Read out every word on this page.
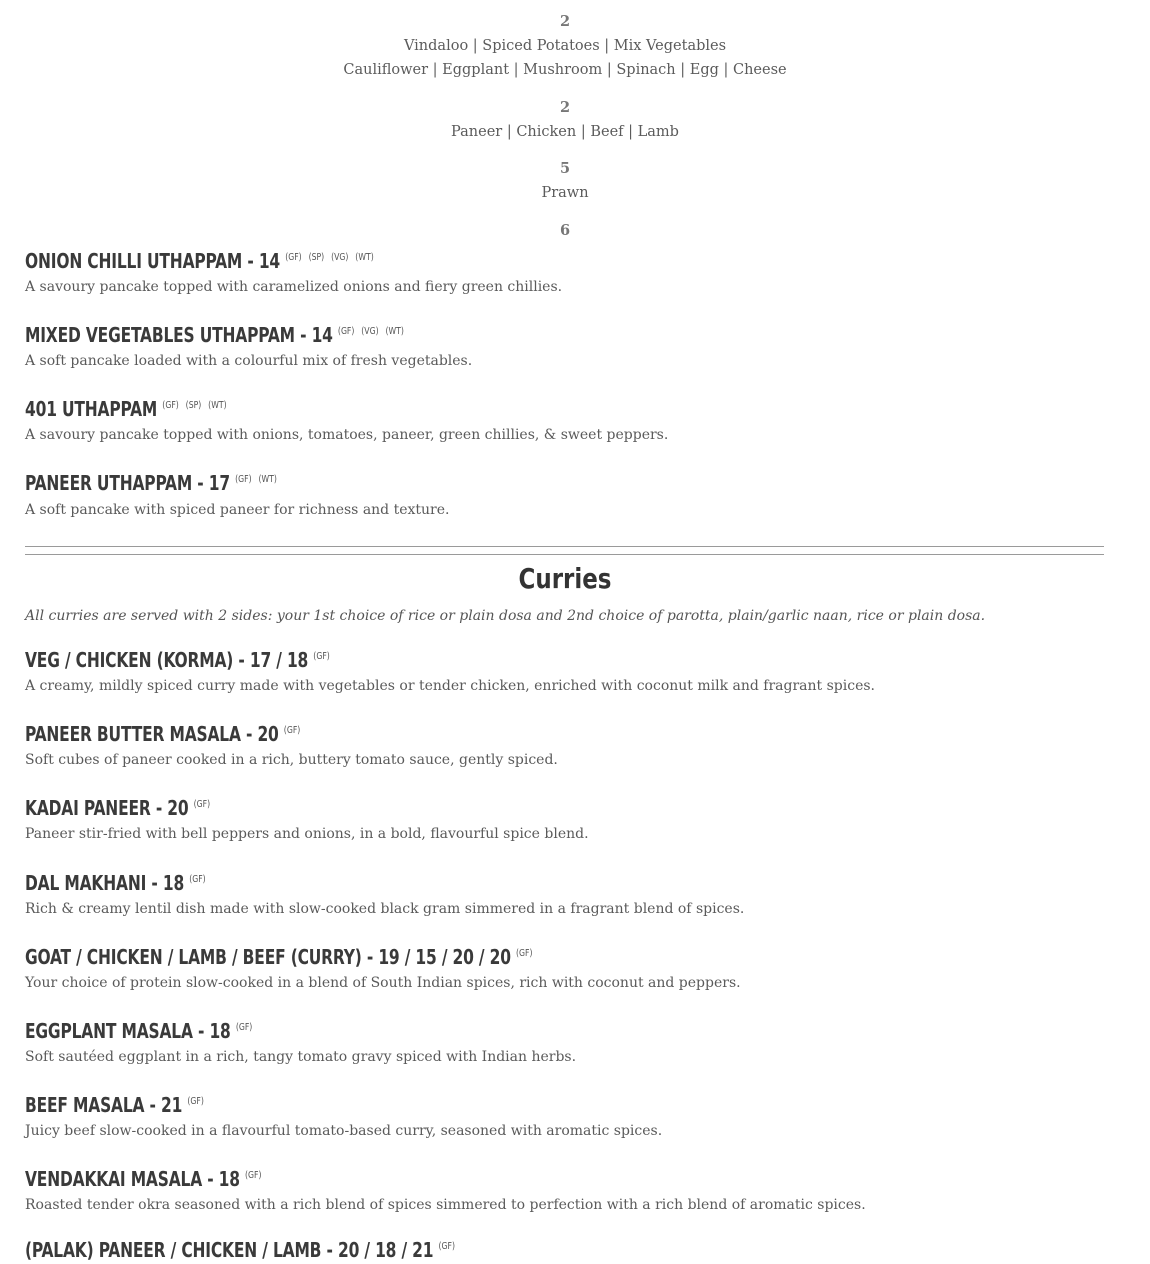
2
Vindaloo | Spiced Potatoes | Mix Vegetables
Cauliflower | Eggplant | Mushroom | Spinach | Egg | Cheese
2
Paneer | Chicken | Beef | Lamb
5
Prawn
6
ONION CHILLI UTHAPPAM - 14 $^{(GF) (SP) (VG) (WT)}$
A savoury pancake topped with caramelized onions and fiery green chillies.
MIXED VEGETABLES UTHAPPAM - 14 $^{(GF) (VG) (WT)}$
A soft pancake loaded with a colourful mix of fresh vegetables.
401 UTHAPPAM $^{(GF) (SP) (WT)}$
A savoury pancake topped with onions, tomatoes, paneer, green chillies, & sweet peppers.
PANEER UTHAPPAM - 17 $^{(GF) (WT)}$
A soft pancake with spiced paneer for richness and texture.
Curries
All curries are served with 2 sides: your 1st choice of rice or plain dosa and 2nd choice of parotta, plain/garlic naan, rice or plain dosa.
VEG / CHICKEN (KORMA) - 17 / 18 $^{(GF)}$
A creamy, mildly spiced curry made with vegetables or tender chicken, enriched with coconut milk and fragrant spices.
PANEER BUTTER MASALA - 20 $^{(GF)}$
Soft cubes of paneer cooked in a rich, buttery tomato sauce, gently spiced.
KADAI PANEER - 20 $^{(GF)}$
Paneer stir-fried with bell peppers and onions, in a bold, flavourful spice blend.
DAL MAKHANI - 18 $^{(GF)}$
Rich & creamy lentil dish made with slow-cooked black gram simmered in a fragrant blend of spices.
GOAT / CHICKEN / LAMB / BEEF (CURRY) - 19 / 15 / 20 / 20 $^{(GF)}$
Your choice of protein slow-cooked in a blend of South Indian spices, rich with coconut and peppers.
EGGPLANT MASALA - 18 $^{(GF)}$
Soft sautéed eggplant in a rich, tangy tomato gravy spiced with Indian herbs.
BEEF MASALA - 21 $^{(GF)}$
Juicy beef slow-cooked in a flavourful tomato-based curry, seasoned with aromatic spices.
VENDAKKAI MASALA - 18 $^{(GF)}$
Roasted tender okra seasoned with a rich blend of spices simmered to perfection with a rich blend of aromatic spices.
(PALAK) PANEER / CHICKEN / LAMB - 20 / 18 / 21 $^{(GF)}$
